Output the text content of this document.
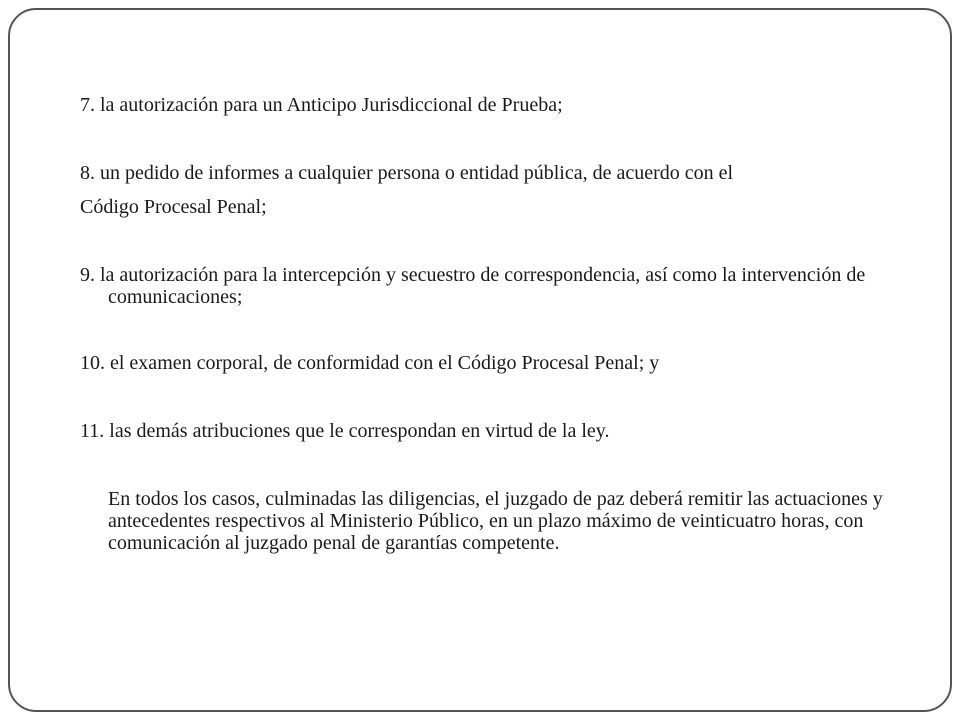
7. la autorización para un Anticipo Jurisdiccional de Prueba;

8. un pedido de informes a cualquier persona o entidad pública, de acuerdo con el

Código Procesal Penal;

9. la autorización para la intercepción y secuestro de correspondencia, así como la intervención de comunicaciones;

10. el examen corporal, de conformidad con el Código Procesal Penal; y

11. las demás atribuciones que le correspondan en virtud de la ley.

En todos los casos, culminadas las diligencias, el juzgado de paz deberá remitir las actuaciones y antecedentes respectivos al Ministerio Público, en un plazo máximo de veinticuatro horas, con comunicación al juzgado penal de garantías competente.
